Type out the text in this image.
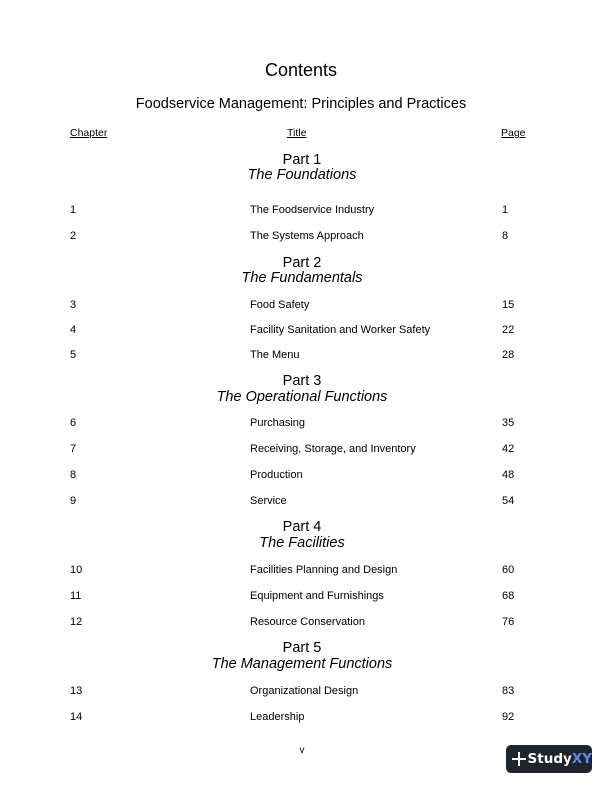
Contents
Foodservice Management: Principles and Practices
Chapter	Title	Page
Part 1
The Foundations
1	The Foodservice Industry	1
2	The Systems Approach	8
Part 2
The Fundamentals
3	Food Safety	15
4	Facility Sanitation and Worker Safety	22
5	The Menu	28
Part 3
The Operational Functions
6	Purchasing	35
7	Receiving, Storage, and Inventory	42
8	Production	48
9	Service	54
Part 4
The Facilities
10	Facilities Planning and Design	60
11	Equipment and Furnishings	68
12	Resource Conservation	76
Part 5
The Management Functions
13	Organizational Design	83
14	Leadership	92
v
StudyXY
